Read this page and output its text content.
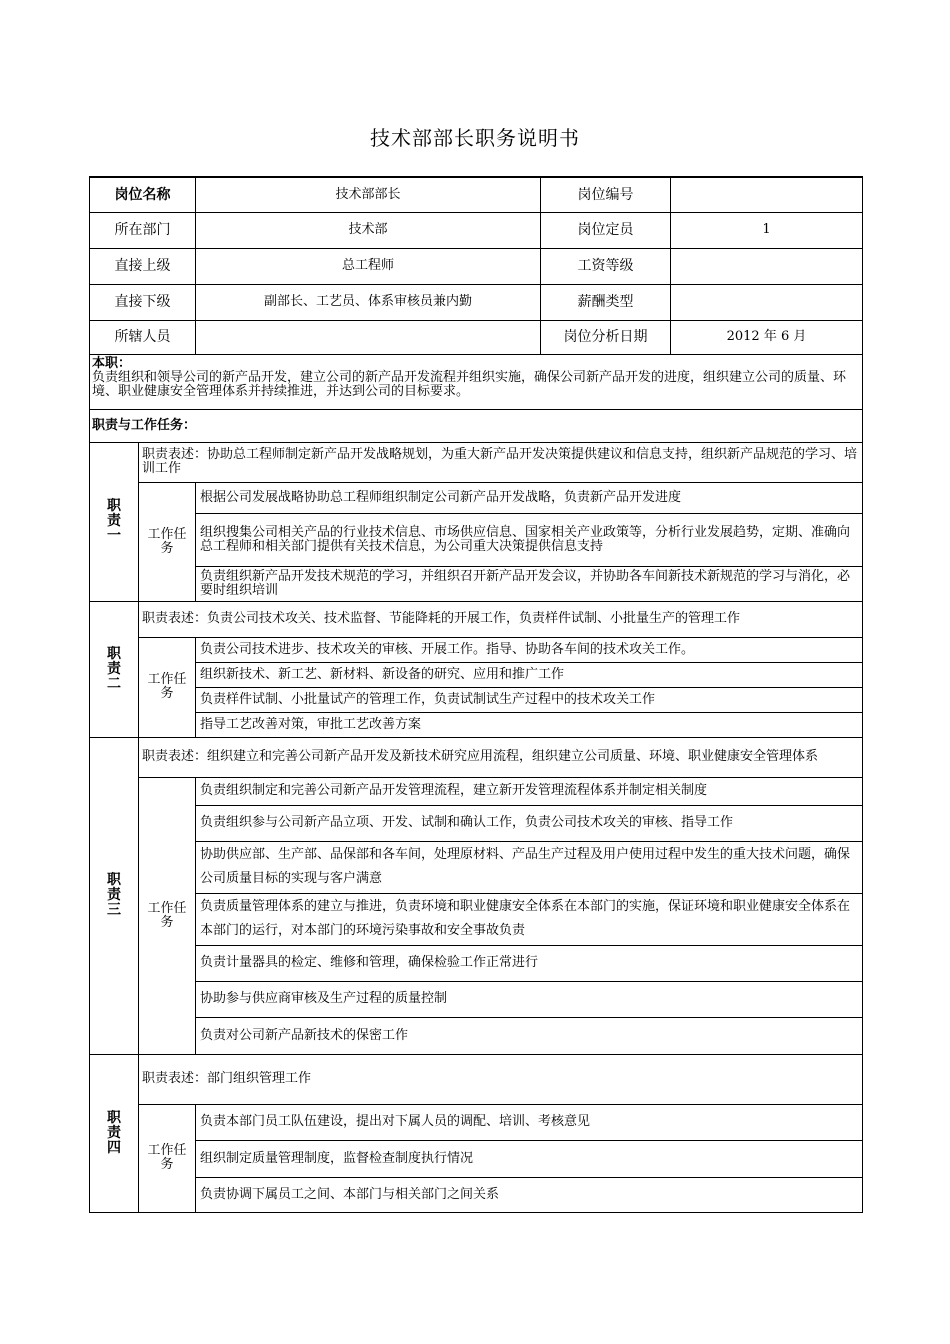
技术部部长职务说明书
岗位名称		技术部部长	岗位编号	
所在部门		技术部	岗位定员	1
直接上级		总工程师	工资等级	
直接下级		副部长、工艺员、体系审核员兼内勤	薪酬类型	
所辖人员			岗位分析日期	2012 年 6 月

本职：
负责组织和领导公司的新产品开发，建立公司的新产品开发流程并组织实施，确保公司新产品开发的进度，组织建立公司的质量、环境、职业健康安全管理体系并持续推进，并达到公司的目标要求。				

职责与工作任务：				

职责一	职责表述：协助总工程师制定新产品开发战略规划，为重大新产品开发决策提供建议和信息支持，组织新产品规范的学习、培训工作			
	工作任务	根据公司发展战略协助总工程师组织制定公司新产品开发战略，负责新产品开发进度		
		组织搜集公司相关产品的行业技术信息、市场供应信息、国家相关产业政策等，分析行业发展趋势，定期、准确向总工程师和相关部门提供有关技术信息，为公司重大决策提供信息支持		
		负责组织新产品开发技术规范的学习，并组织召开新产品开发会议，并协助各车间新技术新规范的学习与消化，必要时组织培训		

职责二	职责表述：负责公司技术攻关、技术监督、节能降耗的开展工作，负责样件试制、小批量生产的管理工作			
	工作任务	负责公司技术进步、技术攻关的审核、开展工作。指导、协助各车间的技术攻关工作。		
		组织新技术、新工艺、新材料、新设备的研究、应用和推广工作		
		负责样件试制、小批量试产的管理工作，负责试制试生产过程中的技术攻关工作		
		指导工艺改善对策，审批工艺改善方案		

职责三	职责表述：组织建立和完善公司新产品开发及新技术研究应用流程，组织建立公司质量、环境、职业健康安全管理体系			
	工作任务	负责组织制定和完善公司新产品开发管理流程，建立新开发管理流程体系并制定相关制度		
		负责组织参与公司新产品立项、开发、试制和确认工作，负责公司技术攻关的审核、指导工作		
		协助供应部、生产部、品保部和各车间，处理原材料、产品生产过程及用户使用过程中发生的重大技术问题，确保公司质量目标的实现与客户满意		
		负责质量管理体系的建立与推进，负责环境和职业健康安全体系在本部门的实施，保证环境和职业健康安全体系在本部门的运行，对本部门的环境污染事故和安全事故负责		
		负责计量器具的检定、维修和管理，确保检验工作正常进行		
		协助参与供应商审核及生产过程的质量控制		
		负责对公司新产品新技术的保密工作		

职责四	职责表述：部门组织管理工作			
	工作任务	负责本部门员工队伍建设，提出对下属人员的调配、培训、考核意见		
		组织制定质量管理制度，监督检查制度执行情况		
		负责协调下属员工之间、本部门与相关部门之间关系		
